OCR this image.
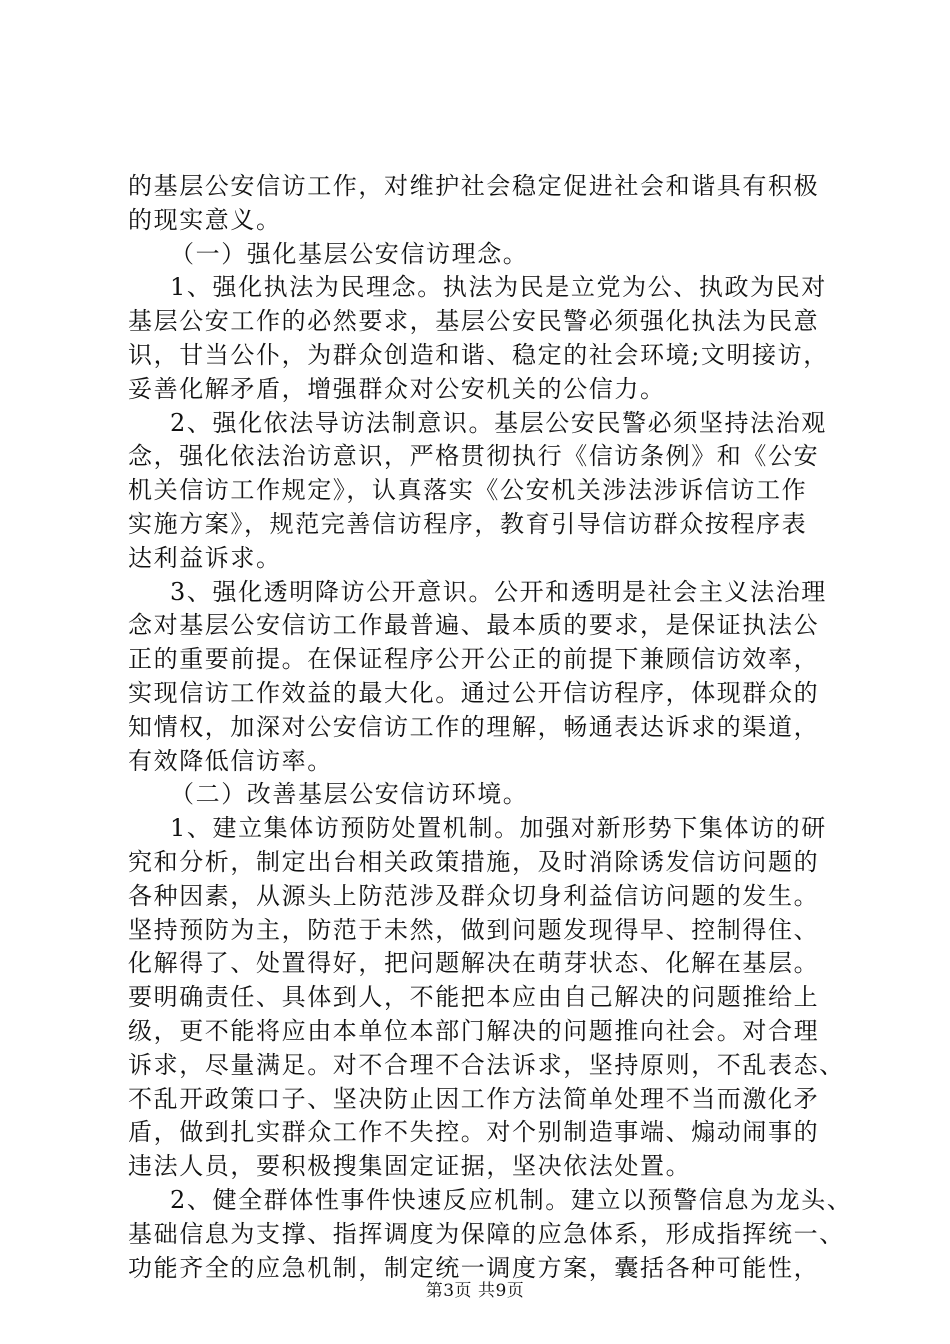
的基层公安信访工作，对维护社会稳定促进社会和谐具有积极
的现实意义。
（一）强化基层公安信访理念。
1、强化执法为民理念。执法为民是立党为公、执政为民对
基层公安工作的必然要求，基层公安民警必须强化执法为民意
识，甘当公仆，为群众创造和谐、稳定的社会环境;文明接访，
妥善化解矛盾，增强群众对公安机关的公信力。
2、强化依法导访法制意识。基层公安民警必须坚持法治观
念，强化依法治访意识，严格贯彻执行《信访条例》和《公安
机关信访工作规定》，认真落实《公安机关涉法涉诉信访工作
实施方案》，规范完善信访程序，教育引导信访群众按程序表
达利益诉求。
3、强化透明降访公开意识。公开和透明是社会主义法治理
念对基层公安信访工作最普遍、最本质的要求，是保证执法公
正的重要前提。在保证程序公开公正的前提下兼顾信访效率，
实现信访工作效益的最大化。通过公开信访程序，体现群众的
知情权，加深对公安信访工作的理解，畅通表达诉求的渠道，
有效降低信访率。
（二）改善基层公安信访环境。
1、建立集体访预防处置机制。加强对新形势下集体访的研
究和分析，制定出台相关政策措施，及时消除诱发信访问题的
各种因素，从源头上防范涉及群众切身利益信访问题的发生。
坚持预防为主，防范于未然，做到问题发现得早、控制得住、
化解得了、处置得好，把问题解决在萌芽状态、化解在基层。
要明确责任、具体到人，不能把本应由自己解决的问题推给上
级，更不能将应由本单位本部门解决的问题推向社会。对合理
诉求，尽量满足。对不合理不合法诉求，坚持原则，不乱表态、
不乱开政策口子、坚决防止因工作方法简单处理不当而激化矛
盾，做到扎实群众工作不失控。对个别制造事端、煽动闹事的
违法人员，要积极搜集固定证据，坚决依法处置。
2、健全群体性事件快速反应机制。建立以预警信息为龙头、
基础信息为支撑、指挥调度为保障的应急体系，形成指挥统一、
功能齐全的应急机制，制定统一调度方案，囊括各种可能性，
第3页 共9页
